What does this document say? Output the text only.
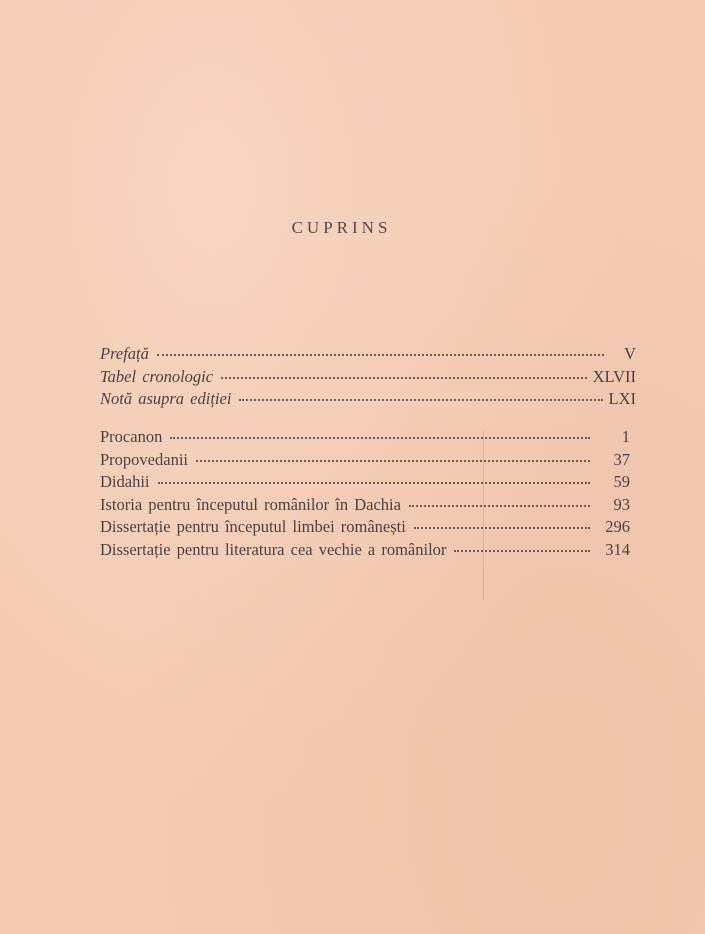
CUPRINS
Prefață	V
Tabel cronologic	XLVII
Notă asupra ediției	LXI
Procanon	1
Propovedanii	37
Didahii	59
Istoria pentru începutul românilor în Dachia	93
Dissertație pentru începutul limbei românești	296
Dissertație pentru literatura cea vechie a românilor	314
